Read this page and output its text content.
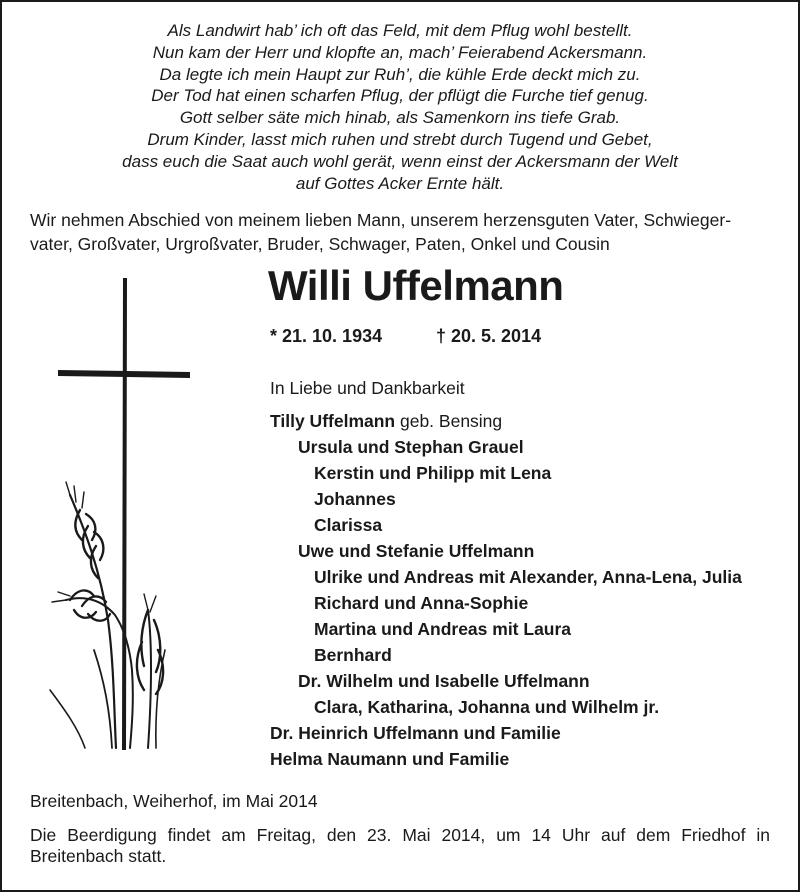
Als Landwirt hab’ ich oft das Feld, mit dem Pflug wohl bestellt.
Nun kam der Herr und klopfte an, mach’ Feierabend Ackersmann.
Da legte ich mein Haupt zur Ruh’, die kühle Erde deckt mich zu.
Der Tod hat einen scharfen Pflug, der pflügt die Furche tief genug.
Gott selber säte mich hinab, als Samenkorn ins tiefe Grab.
Drum Kinder, lasst mich ruhen und strebt durch Tugend und Gebet,
dass euch die Saat auch wohl gerät, wenn einst der Ackersmann der Welt
auf Gottes Acker Ernte hält.
Wir nehmen Abschied von meinem lieben Mann, unserem herzensguten Vater, Schwieger-
vater, Großvater, Urgroßvater, Bruder, Schwager, Paten, Onkel und Cousin
Willi Uffelmann
* 21. 10. 1934	† 20. 5. 2014
In Liebe und Dankbarkeit
Tilly Uffelmann geb. Bensing
Ursula und Stephan Grauel
Kerstin und Philipp mit Lena
Johannes
Clarissa
Uwe und Stefanie Uffelmann
Ulrike und Andreas mit Alexander, Anna-Lena, Julia
Richard und Anna-Sophie
Martina und Andreas mit Laura
Bernhard
Dr. Wilhelm und Isabelle Uffelmann
Clara, Katharina, Johanna und Wilhelm jr.
Dr. Heinrich Uffelmann und Familie
Helma Naumann und Familie
Breitenbach, Weiherhof, im Mai 2014
Die Beerdigung findet am Freitag, den 23. Mai 2014, um 14 Uhr auf dem Friedhof in
Breitenbach statt.
